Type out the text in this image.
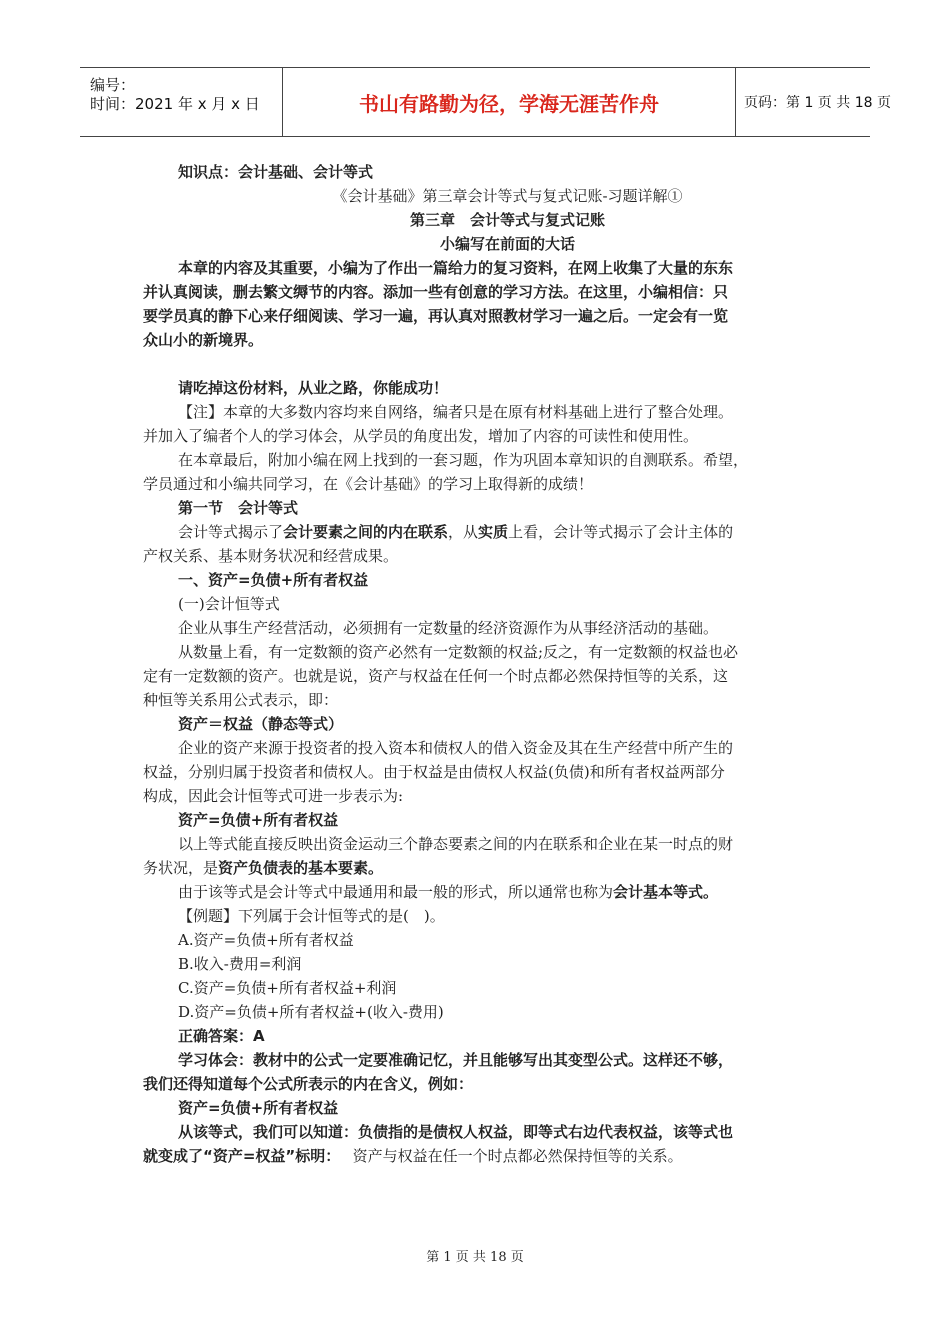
编号：
时间：2021 年 x 月 x 日	书山有路勤为径，学海无涯苦作舟	页码：第 1 页 共 18 页

知识点：会计基础、会计等式

《会计基础》第三章会计等式与复式记账-习题详解①

第三章　会计等式与复式记账

小编写在前面的大话

本章的内容及其重要，小编为了作出一篇给力的复习资料，在网上收集了大量的东东

并认真阅读，删去繁文缛节的内容。添加一些有创意的学习方法。在这里，小编相信：只

要学员真的静下心来仔细阅读、学习一遍，再认真对照教材学习一遍之后。一定会有一览

众山小的新境界。

请吃掉这份材料，从业之路，你能成功！

【注】本章的大多数内容均来自网络，编者只是在原有材料基础上进行了整合处理。

并加入了编者个人的学习体会，从学员的角度出发，增加了内容的可读性和使用性。

在本章最后，附加小编在网上找到的一套习题，作为巩固本章知识的自测联系。希望，

学员通过和小编共同学习，在《会计基础》的学习上取得新的成绩！

第一节　会计等式

会计等式揭示了会计要素之间的内在联系，从实质上看，会计等式揭示了会计主体的

产权关系、基本财务状况和经营成果。

一、资产=负债+所有者权益

(一)会计恒等式

企业从事生产经营活动，必须拥有一定数量的经济资源作为从事经济活动的基础。

从数量上看，有一定数额的资产必然有一定数额的权益;反之，有一定数额的权益也必

定有一定数额的资产。也就是说，资产与权益在任何一个时点都必然保持恒等的关系，这

种恒等关系用公式表示，即：

资产＝权益（静态等式）

企业的资产来源于投资者的投入资本和债权人的借入资金及其在生产经营中所产生的

权益，分别归属于投资者和债权人。由于权益是由债权人权益(负债)和所有者权益两部分

构成，因此会计恒等式可进一步表示为:

资产=负债+所有者权益

以上等式能直接反映出资金运动三个静态要素之间的内在联系和企业在某一时点的财

务状况，是资产负债表的基本要素。

由于该等式是会计等式中最通用和最一般的形式，所以通常也称为会计基本等式。

【例题】下列属于会计恒等式的是(　)。

A.资产=负债+所有者权益

B.收入-费用=利润

C.资产=负债+所有者权益+利润

D.资产=负债+所有者权益+(收入-费用)

正确答案：A

学习体会：教材中的公式一定要准确记忆，并且能够写出其变型公式。这样还不够，

我们还得知道每个公式所表示的内在含义，例如：

资产=负债+所有者权益

从该等式，我们可以知道：负债指的是债权人权益，即等式右边代表权益，该等式也

就变成了“资产=权益”标明：　 资产与权益在任一个时点都必然保持恒等的关系。

第 1 页 共 18 页
